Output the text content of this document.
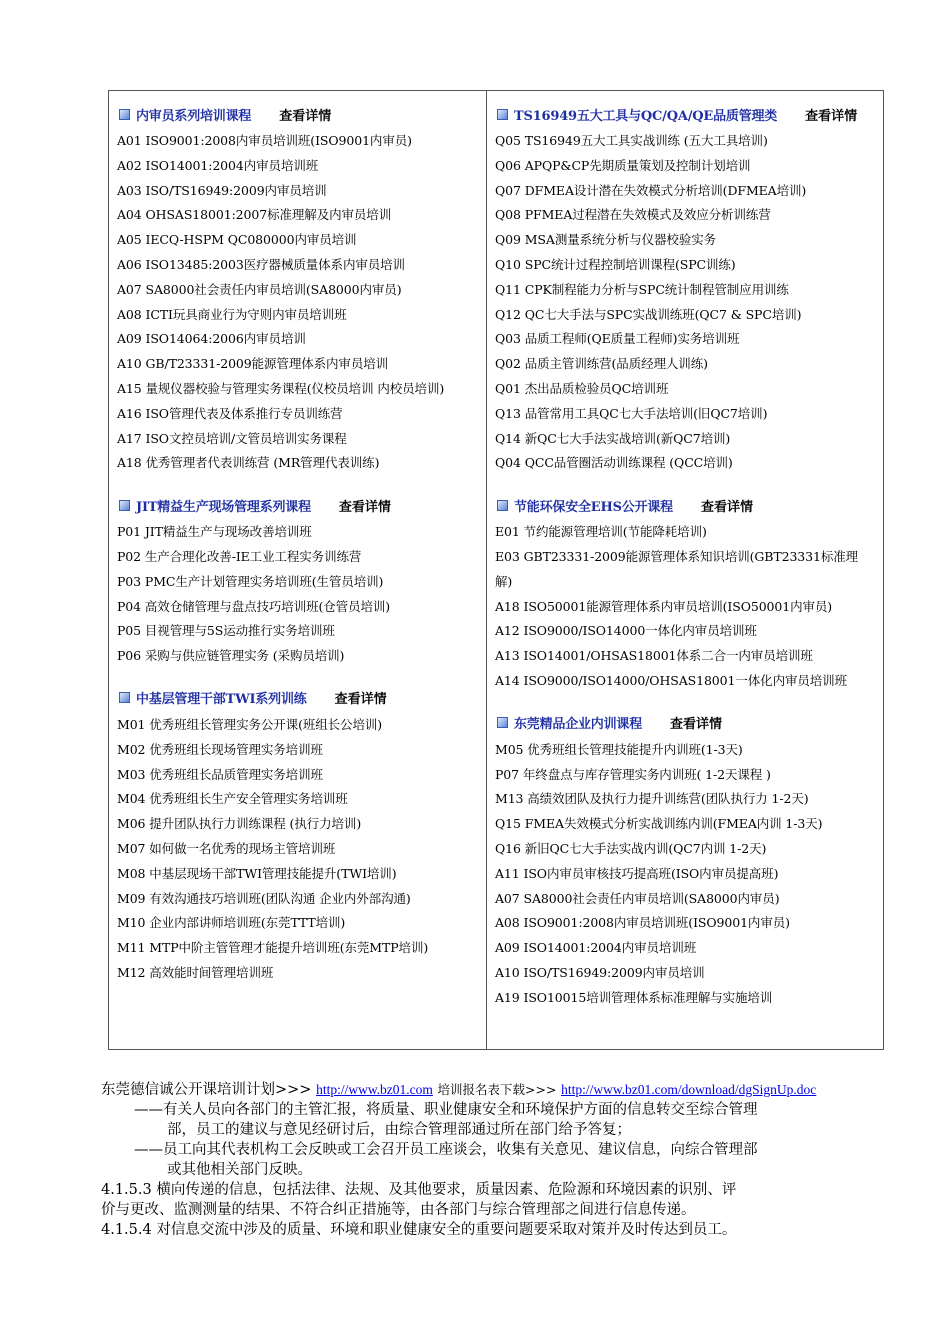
内审员系列培训课程 查看详情
A01 ISO9001:2008内审员培训班(ISO9001内审员)
A02 ISO14001:2004内审员培训班
A03 ISO/TS16949:2009内审员培训
A04 OHSAS18001:2007标准理解及内审员培训
A05 IECQ-HSPM QC080000内审员培训
A06 ISO13485:2003医疗器械质量体系内审员培训
A07 SA8000社会责任内审员培训(SA8000内审员)
A08 ICTI玩具商业行为守则内审员培训班
A09 ISO14064:2006内审员培训
A10 GB/T23331-2009能源管理体系内审员培训
A15 量规仪器校验与管理实务课程(仪校员培训 内校员培训)
A16 ISO管理代表及体系推行专员训练营
A17 ISO文控员培训/文管员培训实务课程
A18 优秀管理者代表训练营 (MR管理代表训练)
JIT精益生产现场管理系列课程 查看详情
P01 JIT精益生产与现场改善培训班
P02 生产合理化改善-IE工业工程实务训练营
P03 PMC生产计划管理实务培训班(生管员培训)
P04 高效仓储管理与盘点技巧培训班(仓管员培训)
P05 目视管理与5S运动推行实务培训班
P06 采购与供应链管理实务 (采购员培训)
中基层管理干部TWI系列训练 查看详情
M01 优秀班组长管理实务公开课(班组长公培训)
M02 优秀班组长现场管理实务培训班
M03 优秀班组长品质管理实务培训班
M04 优秀班组长生产安全管理实务培训班
M06 提升团队执行力训练课程 (执行力培训)
M07 如何做一名优秀的现场主管培训班
M08 中基层现场干部TWI管理技能提升(TWI培训)
M09 有效沟通技巧培训班(团队沟通 企业内外部沟通)
M10 企业内部讲师培训班(东莞TTT培训)
M11 MTP中阶主管管理才能提升培训班(东莞MTP培训)
M12 高效能时间管理培训班
TS16949五大工具与QC/QA/QE品质管理类 查看详情
Q05 TS16949五大工具实战训练 (五大工具培训)
Q06 APQP&CP先期质量策划及控制计划培训
Q07 DFMEA设计潜在失效模式分析培训(DFMEA培训)
Q08 PFMEA过程潜在失效模式及效应分析训练营
Q09 MSA测量系统分析与仪器校验实务
Q10 SPC统计过程控制培训课程(SPC训练)
Q11 CPK制程能力分析与SPC统计制程管制应用训练
Q12 QC七大手法与SPC实战训练班(QC7 & SPC培训)
Q03 品质工程师(QE质量工程师)实务培训班
Q02 品质主管训练营(品质经理人训练)
Q01 杰出品质检验员QC培训班
Q13 品管常用工具QC七大手法培训(旧QC7培训)
Q14 新QC七大手法实战培训(新QC7培训)
Q04 QCC品管圈活动训练课程 (QCC培训)
节能环保安全EHS公开课程 查看详情
E01 节约能源管理培训(节能降耗培训)
E03 GBT23331-2009能源管理体系知识培训(GBT23331标准理解)
A18 ISO50001能源管理体系内审员培训(ISO50001内审员)
A12 ISO9000/ISO14000一体化内审员培训班
A13 ISO14001/OHSAS18001体系二合一内审员培训班
A14 ISO9000/ISO14000/OHSAS18001一体化内审员培训班
东莞精品企业内训课程 查看详情
M05 优秀班组长管理技能提升内训班(1-3天)
P07 年终盘点与库存管理实务内训班( 1-2天课程 )
M13 高绩效团队及执行力提升训练营(团队执行力 1-2天)
Q15 FMEA失效模式分析实战训练内训(FMEA内训 1-3天)
Q16 新旧QC七大手法实战内训(QC7内训 1-2天)
A11 ISO内审员审核技巧提高班(ISO内审员提高班)
A07 SA8000社会责任内审员培训(SA8000内审员)
A08 ISO9001:2008内审员培训班(ISO9001内审员)
A09 ISO14001:2004内审员培训班
A10 ISO/TS16949:2009内审员培训
A19 ISO10015培训管理体系标准理解与实施培训
东莞德信诚公开课培训计划>>> http://www.bz01.com 培训报名表下载>>> http://www.bz01.com/download/dgSignUp.doc
——有关人员向各部门的主管汇报，将质量、职业健康安全和环境保护方面的信息转交至综合管理
部，员工的建议与意见经研讨后，由综合管理部通过所在部门给予答复；
——员工向其代表机构工会反映或工会召开员工座谈会，收集有关意见、建议信息，向综合管理部
或其他相关部门反映。
4.1.5.3 横向传递的信息，包括法律、法规、及其他要求，质量因素、危险源和环境因素的识别、评
价与更改、监测测量的结果、不符合纠正措施等，由各部门与综合管理部之间进行信息传递。
4.1.5.4 对信息交流中涉及的质量、环境和职业健康安全的重要问题要采取对策并及时传达到员工。
